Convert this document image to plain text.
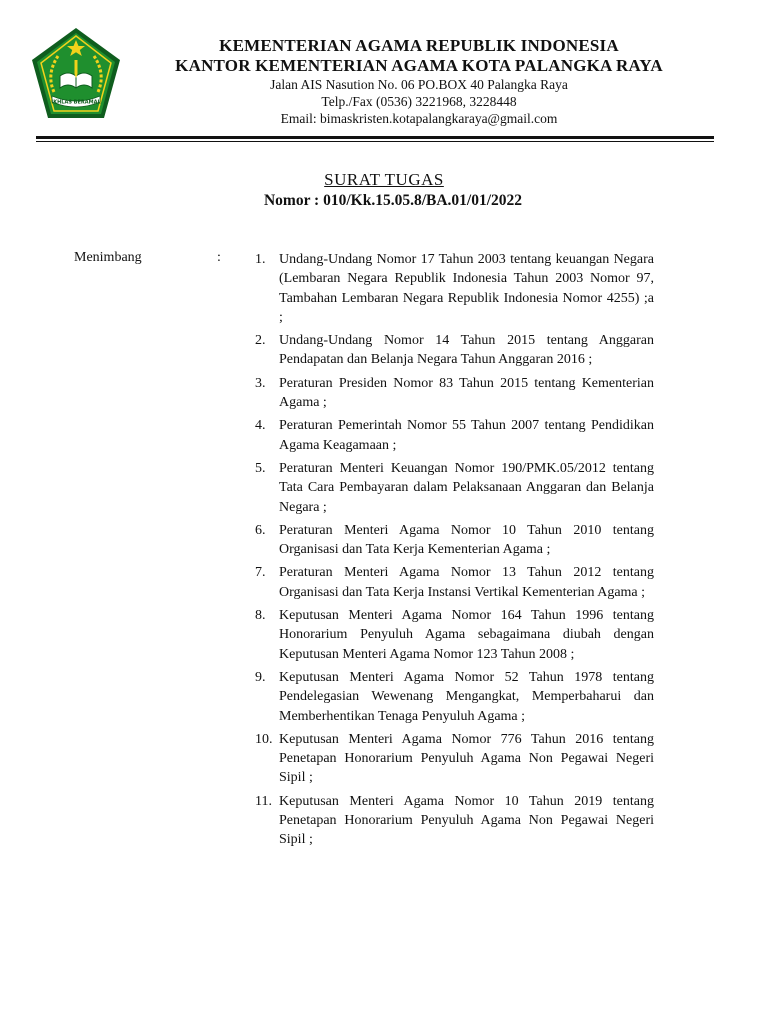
IKHLAS BERAMAL
KEMENTERIAN AGAMA REPUBLIK INDONESIA
KANTOR KEMENTERIAN AGAMA KOTA PALANGKA RAYA
Jalan AIS Nasution No. 06 PO.BOX 40 Palangka Raya
Telp./Fax (0536) 3221968, 3228448
Email: bimaskristen.kotapalangkaraya@gmail.com
SURAT TUGAS
Nomor : 010/Kk.15.05.8/BA.01/01/2022
Menimbang	:	1. Undang-Undang Nomor 17 Tahun 2003 tentang keuangan Negara (Lembaran Negara Republik Indonesia Tahun 2003 Nomor 97, Tambahan Lembaran Negara Republik Indonesia Nomor 4255) ;a ;
2. Undang-Undang Nomor 14 Tahun 2015 tentang Anggaran Pendapatan dan Belanja Negara Tahun Anggaran 2016 ;
3. Peraturan Presiden Nomor 83 Tahun 2015 tentang Kementerian Agama ;
4. Peraturan Pemerintah Nomor 55 Tahun 2007 tentang Pendidikan Agama Keagamaan ;
5. Peraturan Menteri Keuangan Nomor 190/PMK.05/2012 tentang Tata Cara Pembayaran dalam Pelaksanaan Anggaran dan Belanja Negara ;
6. Peraturan Menteri Agama Nomor 10 Tahun 2010 tentang Organisasi dan Tata Kerja Kementerian Agama ;
7. Peraturan Menteri Agama Nomor 13 Tahun 2012 tentang Organisasi dan Tata Kerja Instansi Vertikal Kementerian Agama ;
8. Keputusan Menteri Agama Nomor 164 Tahun 1996 tentang Honorarium Penyuluh Agama sebagaimana diubah dengan Keputusan Menteri Agama Nomor 123 Tahun 2008 ;
9. Keputusan Menteri Agama Nomor 52 Tahun 1978 tentang Pendelegasian Wewenang Mengangkat, Memperbaharui dan Memberhentikan Tenaga Penyuluh Agama ;
10. Keputusan Menteri Agama Nomor 776 Tahun 2016 tentang Penetapan Honorarium Penyuluh Agama Non Pegawai Negeri Sipil ;
11. Keputusan Menteri Agama Nomor 10 Tahun 2019 tentang Penetapan Honorarium Penyuluh Agama Non Pegawai Negeri Sipil ;
